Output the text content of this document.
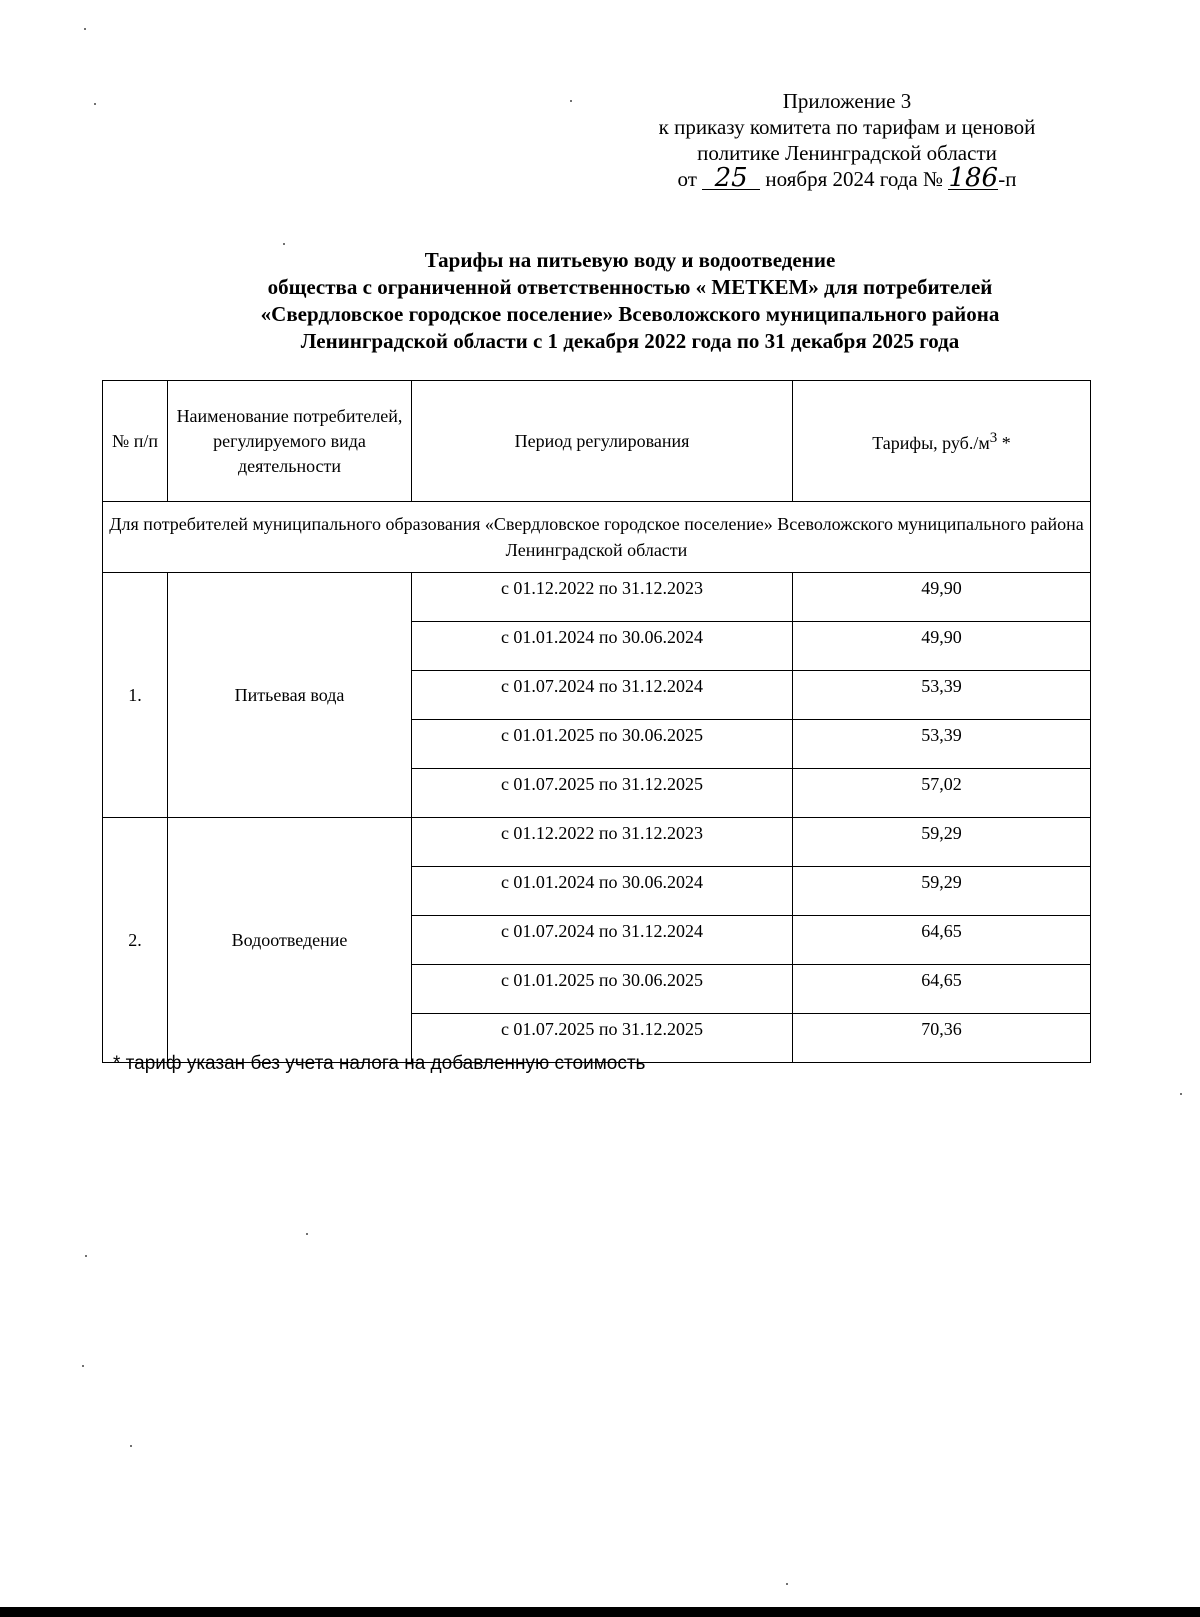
Приложение 3
к приказу комитета по тарифам и ценовой
политике Ленинградской области
от 25 ноября 2024 года № 186-п
Тарифы на питьевую воду и водоотведение
общества с ограниченной ответственностью « МЕТКЕМ» для потребителей
«Свердловское городское поселение» Всеволожского муниципального района
Ленинградской области с 1 декабря 2022 года по 31 декабря 2025 года
№ п/п	Наименование потребителей, регулируемого вида деятельности	Период регулирования	Тарифы, $руб./м^3$ *
Для потребителей муниципального образования «Свердловское городское поселение» Всеволожского муниципального района Ленинградской области			
1.	Питьевая вода	с 01.12.2022 по 31.12.2023	49,90
		с 01.01.2024 по 30.06.2024	49,90
		с 01.07.2024 по 31.12.2024	53,39
		с 01.01.2025 по 30.06.2025	53,39
		с 01.07.2025 по 31.12.2025	57,02
2.	Водоотведение	с 01.12.2022 по 31.12.2023	59,29
		с 01.01.2024 по 30.06.2024	59,29
		с 01.07.2024 по 31.12.2024	64,65
		с 01.01.2025 по 30.06.2025	64,65
		с 01.07.2025 по 31.12.2025	70,36
* тариф указан без учета налога на добавленную стоимость
